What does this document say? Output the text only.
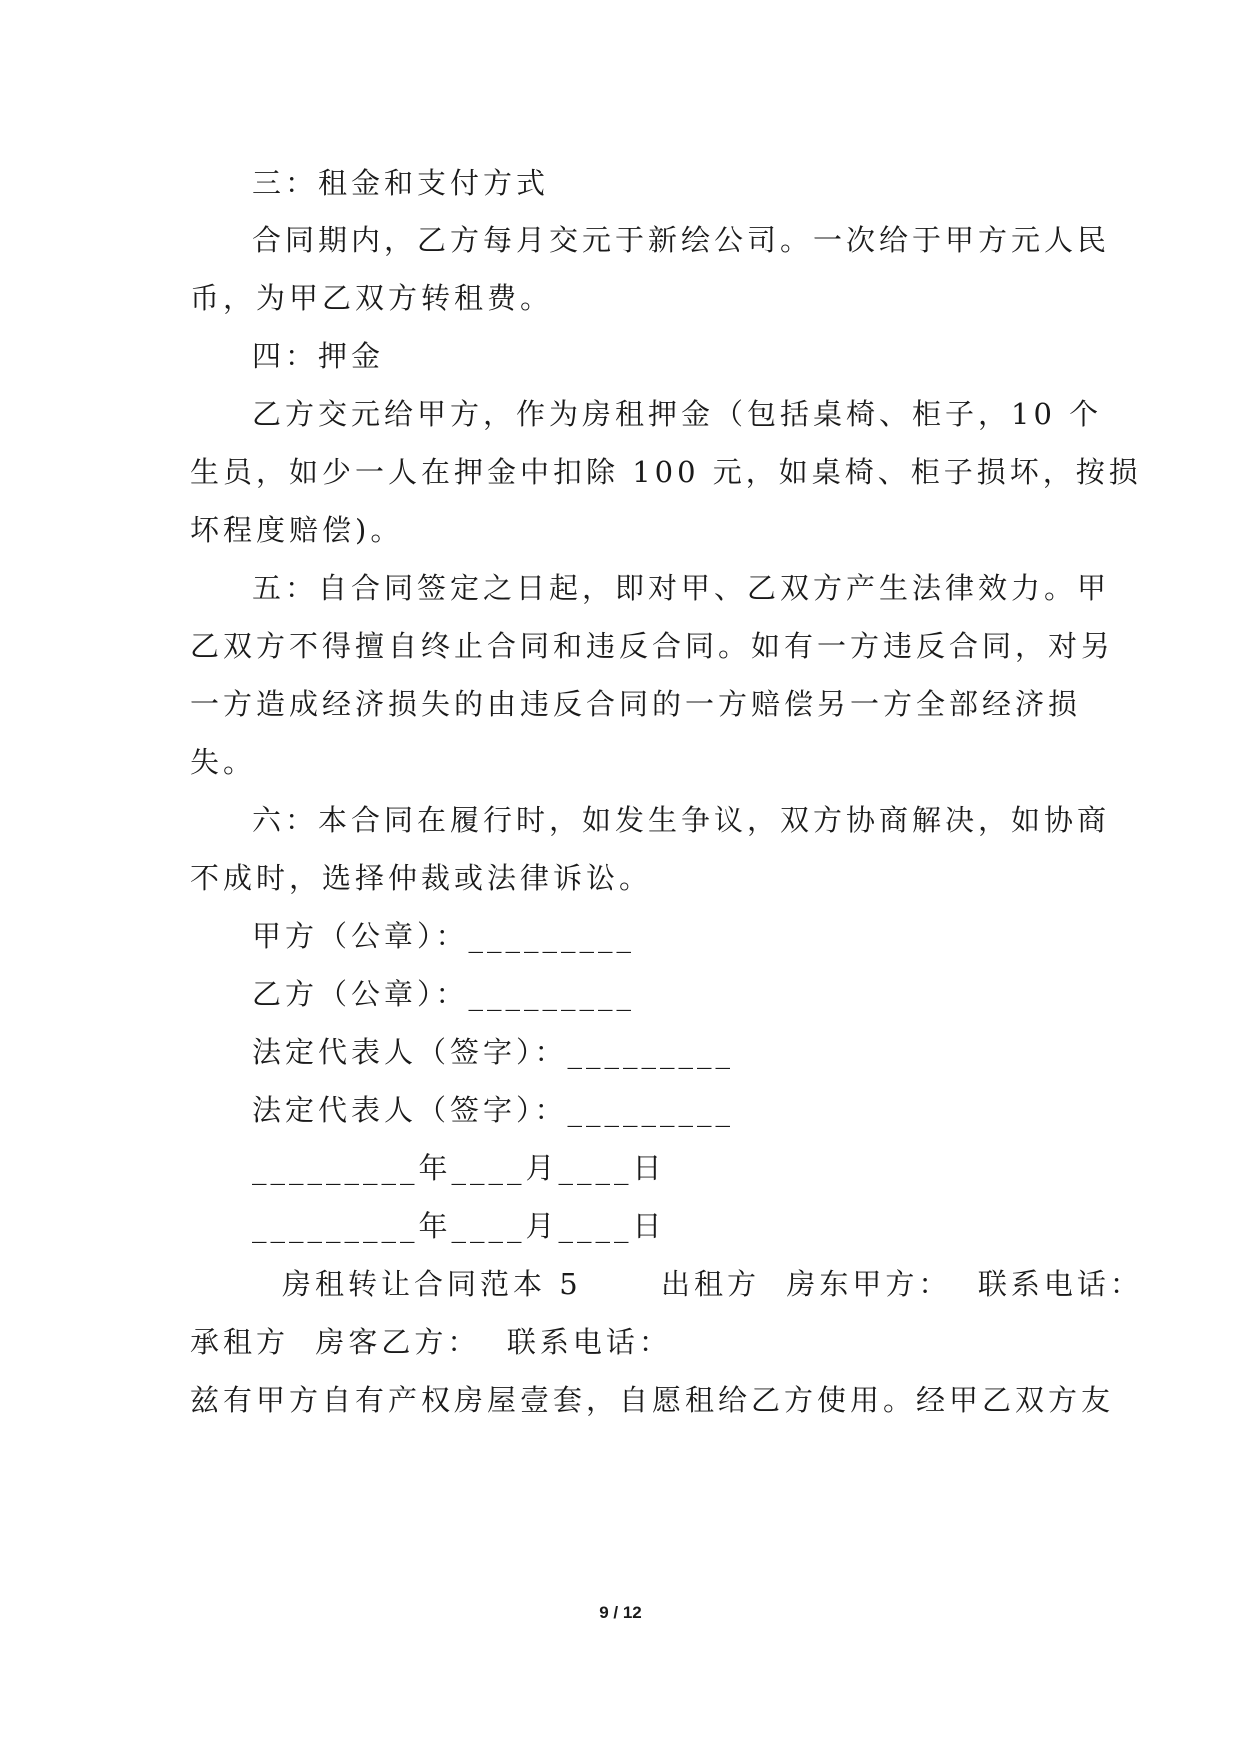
三：租金和支付方式
合同期内，乙方每月交元于新绘公司。一次给于甲方元人民
币，为甲乙双方转租费。
四：押金
乙方交元给甲方，作为房租押金（包括桌椅、柜子，10 个
生员，如少一人在押金中扣除 100 元，如桌椅、柜子损坏，按损
坏程度赔偿)。
五：自合同签定之日起，即对甲、乙双方产生法律效力。甲
乙双方不得擅自终止合同和违反合同。如有一方违反合同，对另
一方造成经济损失的由违反合同的一方赔偿另一方全部经济损
失。
六：本合同在履行时，如发生争议，双方协商解决，如协商
不成时，选择仲裁或法律诉讼。
甲方（公章）：_________
乙方（公章）：_________
法定代表人（签字）：_________
法定代表人（签字）：_________
_________年____月____日
_________年____月____日
房租转让合同范本 5      出租方  房东甲方：  联系电话：
承租方  房客乙方：  联系电话：
兹有甲方自有产权房屋壹套，自愿租给乙方使用。经甲乙双方友
9 / 12
